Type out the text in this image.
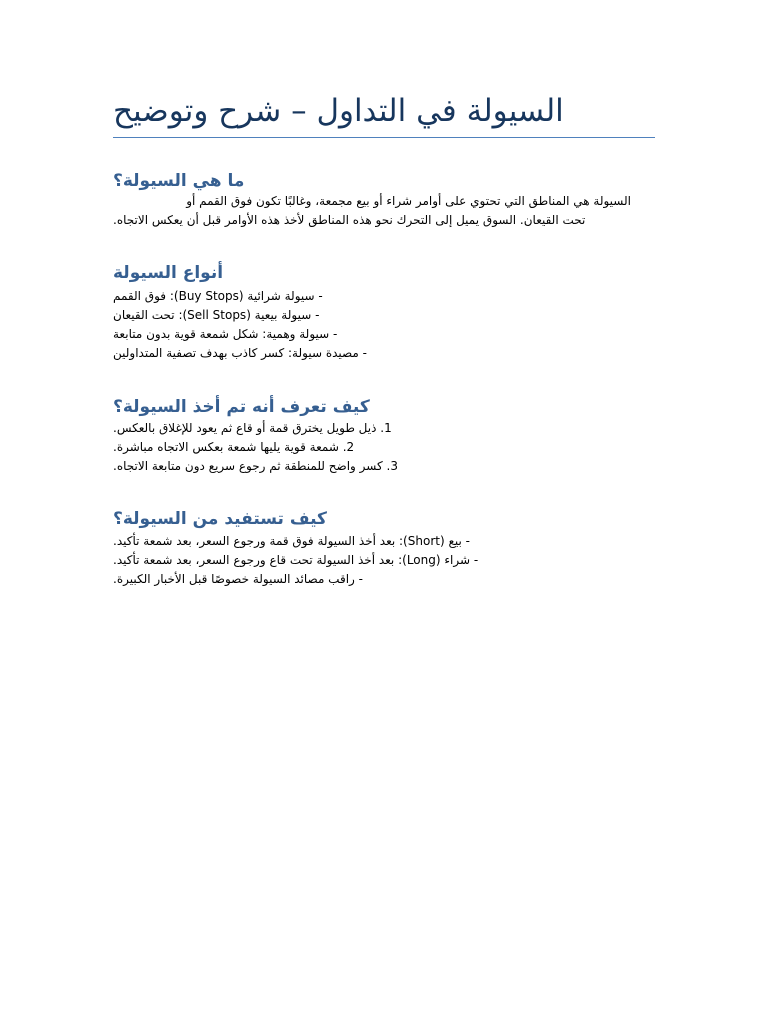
السيولة في التداول – شرح وتوضيح
ما هي السيولة؟
السيولة هي المناطق التي تحتوي على أوامر شراء أو بيع مجمعة، وغالبًا تكون فوق القمم أو
تحت القيعان. السوق يميل إلى التحرك نحو هذه المناطق لأخذ هذه الأوامر قبل أن يعكس الاتجاه.
أنواع السيولة
- سيولة شرائية (Buy Stops): فوق القمم
- سيولة بيعية (Sell Stops): تحت القيعان
- سيولة وهمية: شكل شمعة قوية بدون متابعة
- مصيدة سيولة: كسر كاذب بهدف تصفية المتداولين
كيف تعرف أنه تم أخذ السيولة؟
1. ذيل طويل يخترق قمة أو قاع ثم يعود للإغلاق بالعكس.
2. شمعة قوية يليها شمعة بعكس الاتجاه مباشرة.
3. كسر واضح للمنطقة ثم رجوع سريع دون متابعة الاتجاه.
كيف تستفيد من السيولة؟
- بيع (Short): بعد أخذ السيولة فوق قمة ورجوع السعر، بعد شمعة تأكيد.
- شراء (Long): بعد أخذ السيولة تحت قاع ورجوع السعر، بعد شمعة تأكيد.
- راقب مصائد السيولة خصوصًا قبل الأخبار الكبيرة.
